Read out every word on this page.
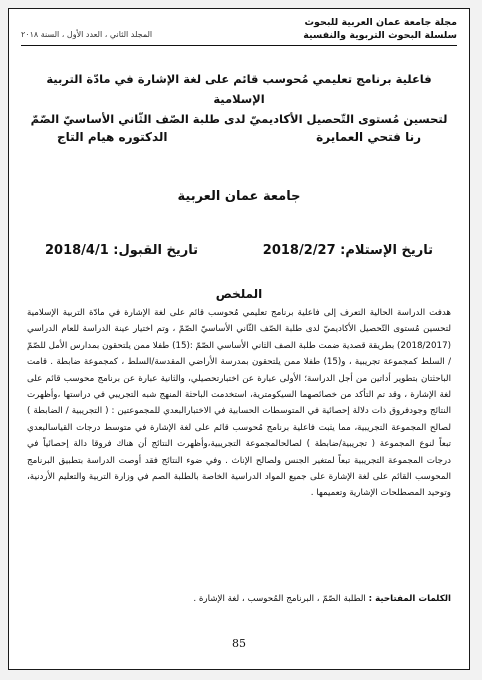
مجلة جامعة عمان العربية للبحوث
سلسلة البحوث التربوية والنفسية
المجلد الثاني ، العدد الأول ، السنة ٢٠١٨
فاعلية برنامج تعليمي مُحوسب قائم على لغة الإشارة في مادّة التربية الإسلامية
لتحسين مُستوى التّحصيل الأكاديميّ لدى طلبة الصّف الثّاني الأساسيّ الصّمّ
رنا فتحي العمايرة
الدكتوره هيام التاج
جامعة عمان العربية
تاريخ الإستلام: 2018/2/27
تاريخ القبول: 2018/4/1
الملخص
هدفت الدراسة الحالية التعرف إلى فاعلية برنامج تعليمي مُحوسب قائم على لغة الإشارة في مادّة التربية الإسلامية لتحسين مُستوى التّحصيل الأكاديميّ لدى طلبة الصّف الثّاني الأساسيّ الصّمّ ، وتم اختيار عينة الدراسة للعام الدراسي (2018/2017) بطريقة قصدية ضمت طلبة الصف الثاني الأساسي الصّمّ :(15) طفلا ممن يلتحقون بمدارس الأمل للصّمّ / السلط كمجموعة تجريبية ، و(15) طفلا ممن يلتحقون بمدرسة الأراضي المقدسة/السلط ، كمجموعة ضابطة . قامت الباحثتان بتطوير أداتين من أجل الدراسة؛ الأولى عبارة عن اختبارتحصيلي، والثانية عبارة عن برنامج محوسب قائم على لغة الإشارة ، وقد تم التأكد من خصائصهما السيكومترية، استخدمت الباحثة المنهج شبه التجريبي في دراستها ،وأظهرت النتائج وجودفروق ذات دلالة إحصائية في المتوسطات الحسابية في الاختبارالبعدي للمجموعتين : ( التجريبية / الضابطة ) لصالح المجموعة التجريبية، مما يثبت فاعلية برنامج مُحوسب قائم على لغة الإشارة في متوسط درجات القياسالبعدي تبعاً لنوع المجموعة ( تجريبية/ضابطة ) لصالحالمجموعة التجريبية،وأظهرت النتائج أن هناك فروقا دالة إحصائياً في درجات المجموعة التجريبية تبعاً لمتغير الجنس ولصالح الإناث . وفي ضوء النتائج فقد أوصت الدراسة بتطبيق البرنامج المحوسب القائم على لغة الإشارة على جميع المواد الدراسية الخاصة بالطلبة الصم في وزارة التربية والتعليم الأردنية، وتوحيد المصطلحات الإشارية وتعميمها .
الكلمات المفتاحية : الطلبة الصّمّ ، البرنامج المُحوسب ، لغة الإشارة .
85
